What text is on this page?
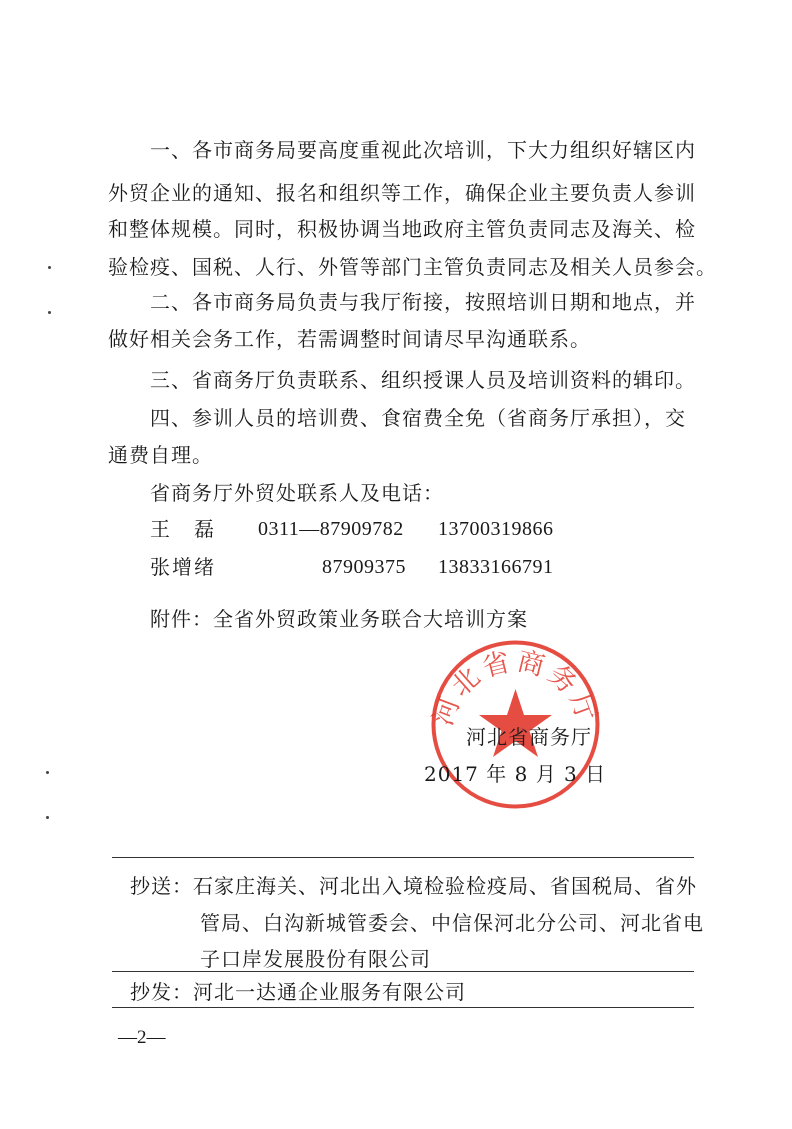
一、各市商务局要高度重视此次培训，下大力组织好辖区内
外贸企业的通知、报名和组织等工作，确保企业主要负责人参训
和整体规模。同时，积极协调当地政府主管负责同志及海关、检
验检疫、国税、人行、外管等部门主管负责同志及相关人员参会。
二、各市商务局负责与我厅衔接，按照培训日期和地点，并
做好相关会务工作，若需调整时间请尽早沟通联系。
三、省商务厅负责联系、组织授课人员及培训资料的辑印。
四、参训人员的培训费、食宿费全免（省商务厅承担），交
通费自理。
省商务厅外贸处联系人及电话：
王　磊 0311—87909782 13700319866
张增绪	87909375 13833166791
附件：全省外贸政策业务联合大培训方案
河北省商务厅
河北省商务厅
2017 年 8 月 3 日
抄送：石家庄海关、河北出入境检验检疫局、省国税局、省外
管局、白沟新城管委会、中信保河北分公司、河北省电
子口岸发展股份有限公司
抄发：河北一达通企业服务有限公司
—2—
